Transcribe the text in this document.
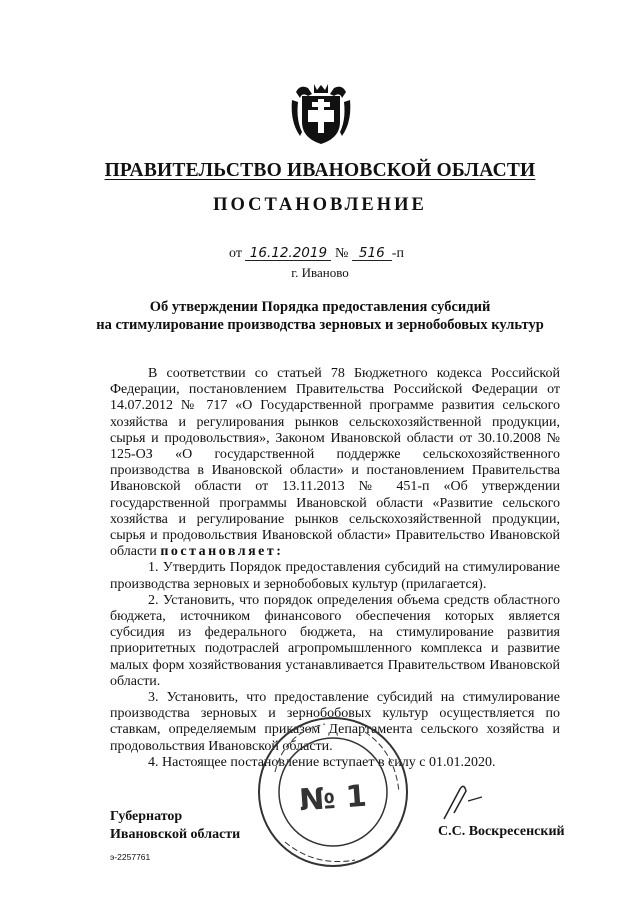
ПРАВИТЕЛЬСТВО ИВАНОВСКОЙ ОБЛАСТИ
ПОСТАНОВЛЕНИЕ
от 16.12.2019 № 516 -п
г. Иваново
Об утверждении Порядка предоставления субсидий
на стимулирование производства зерновых и зернобобовых культур

В соответствии со статьей 78 Бюджетного кодекса Российской Федерации, постановлением Правительства Российской Федерации от 14.07.2012 № 717 «О Государственной программе развития сельского хозяйства и регулирования рынков сельскохозяйственной продукции, сырья и продовольствия», Законом Ивановской области от 30.10.2008 № 125-ОЗ «О государственной поддержке сельскохозяйственного производства в Ивановской области» и постановлением Правительства Ивановской области от 13.11.2013 № 451-п «Об утверждении государственной программы Ивановской области «Развитие сельского хозяйства и регулирование рынков сельскохозяйственной продукции, сырья и продовольствия Ивановской области» Правительство Ивановской области постановляет:

1. Утвердить Порядок предоставления субсидий на стимулирование производства зерновых и зернобобовых культур (прилагается).

2. Установить, что порядок определения объема средств областного бюджета, источником финансового обеспечения которых является субсидия из федерального бюджета, на стимулирование развития приоритетных подотраслей агропромышленного комплекса и развитие малых форм хозяйствования устанавливается Правительством Ивановской области.

3. Установить, что предоставление субсидий на стимулирование производства зерновых и зернобобовых культур осуществляется по ставкам, определяемым приказом Департамента сельского хозяйства и продовольствия Ивановской области.

4. Настоящее постановление вступает в силу с 01.01.2020.

№ 1
Губернатор
Ивановской области	С.С. Воскресенский
э-2257761
